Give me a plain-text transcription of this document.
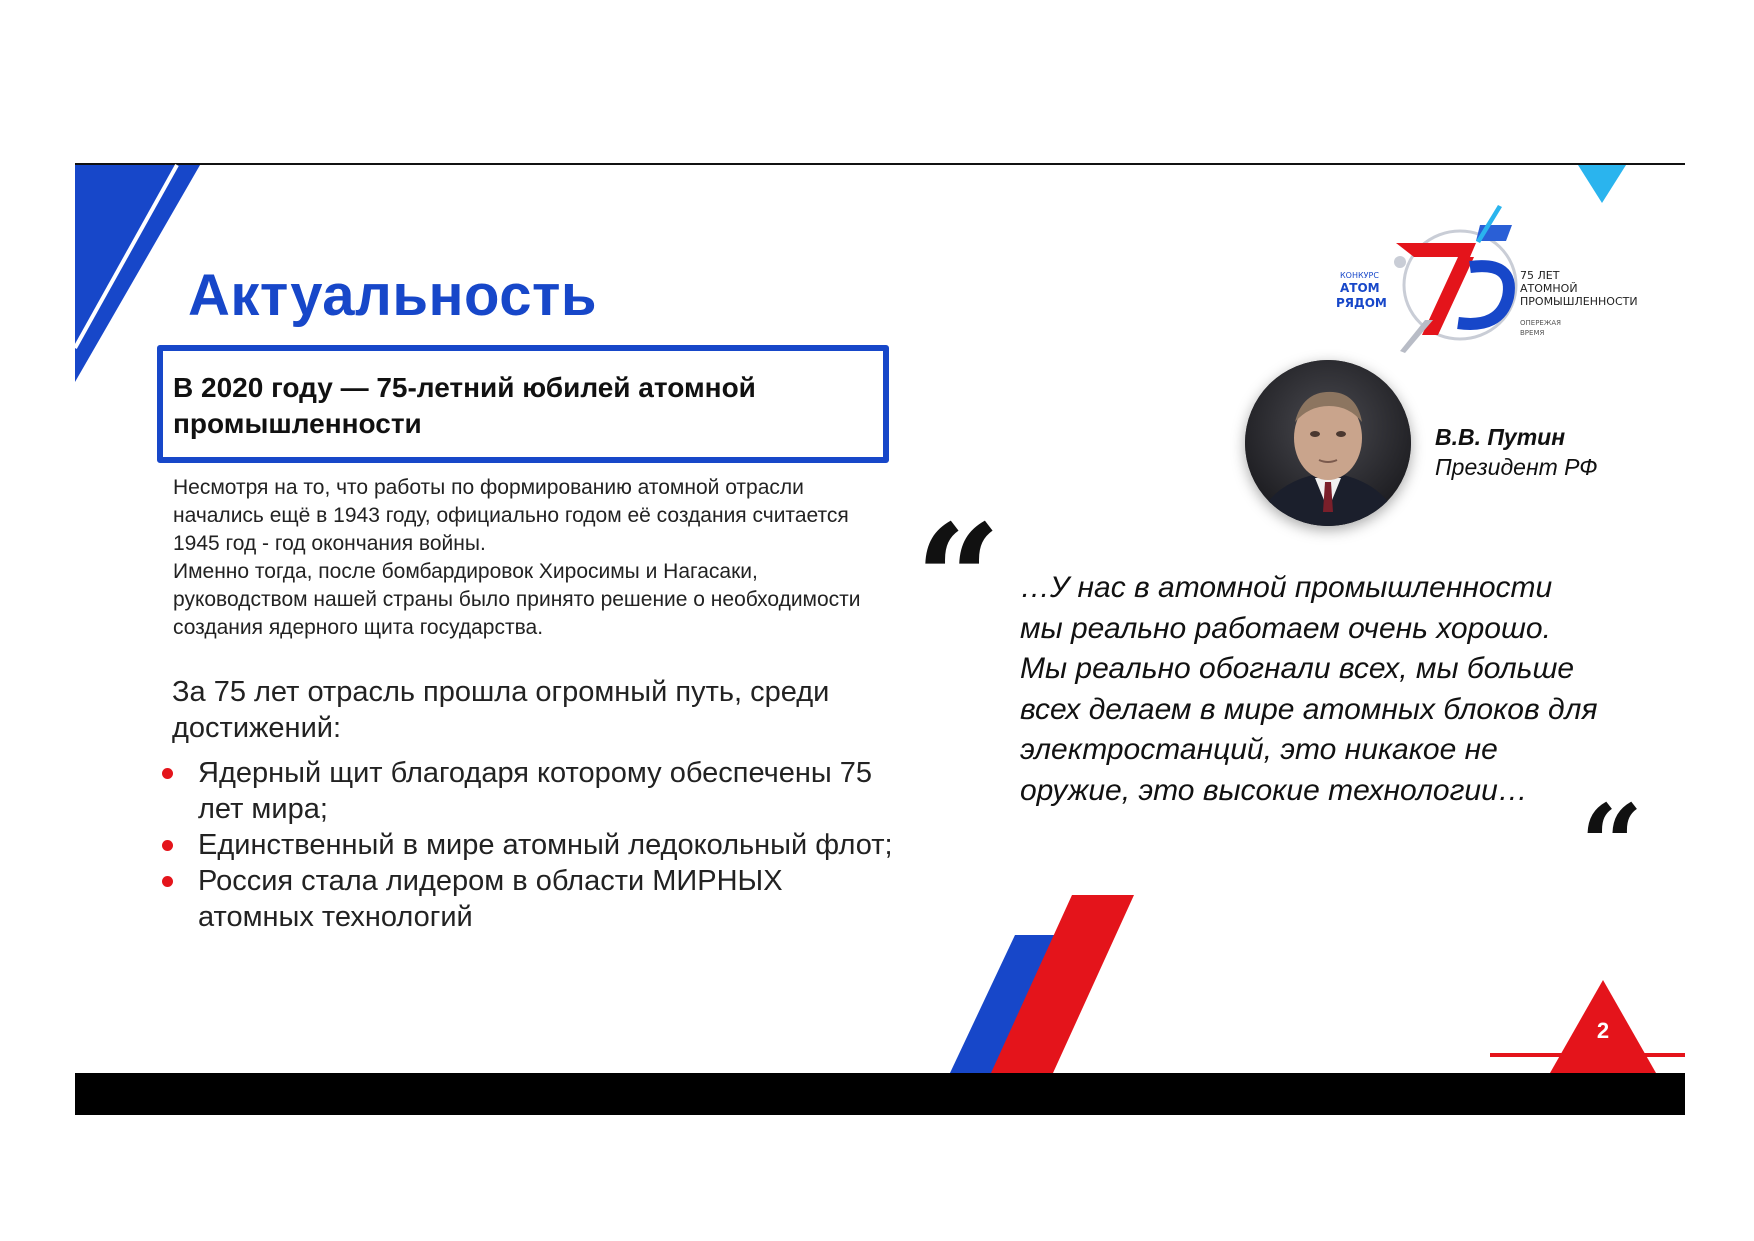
Актуальность
В 2020 году — 75-летний юбилей атомной промышленности

Несмотря на то, что работы по формированию атомной отрасли начались ещё в 1943 году, официально годом её создания считается 1945 год - год окончания войны.

Именно тогда, после бомбардировок Хиросимы и Нагасаки, руководством нашей страны было принято решение о необходимости создания ядерного щита государства.

За 75 лет отрасль прошла огромный путь, среди достижений:
Ядерный щит благодаря которому обеспечены 75 лет мира;
Единственный в мире атомный ледокольный флот;
Россия стала лидером в области МИРНЫХ атомных технологий
КОНКУРС
АТОМ
РЯДОМ
75 ЛЕТ
АТОМНОЙ
ПРОМЫШЛЕННОСТИ
ОПЕРЕЖАЯ
ВРЕМЯ
В.В. Путин
Президент РФ
“ …У нас в атомной промышленности мы реально работаем очень хорошо. Мы реально обогнали всех, мы больше всех делаем в мире атомных блоков для электростанций, это никакое не оружие, это высокие технологии… “
2
